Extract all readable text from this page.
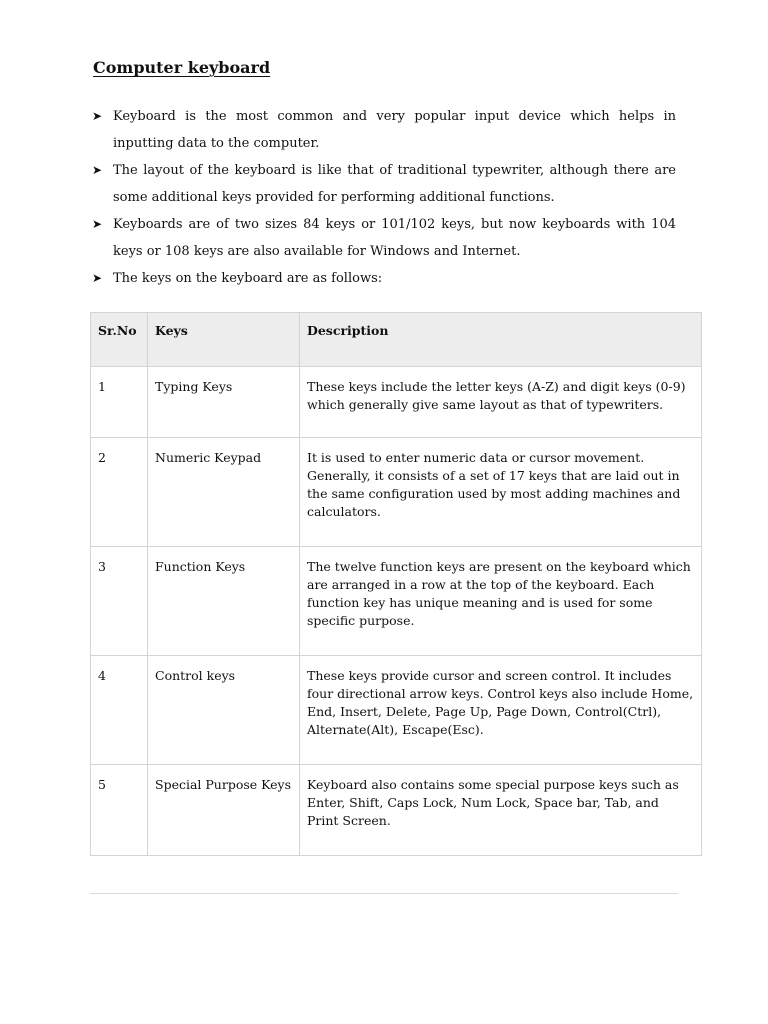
Computer keyboard
➤ Keyboard is the most common and very popular input device which helps in inputting data to the computer.
➤ The layout of the keyboard is like that of traditional typewriter, although there are some additional keys provided for performing additional functions.
➤ Keyboards are of two sizes 84 keys or 101/102 keys, but now keyboards with 104 keys or 108 keys are also available for Windows and Internet.
➤ The keys on the keyboard are as follows:
Sr.No	Keys	Description
1	Typing Keys	These keys include the letter keys (A-Z) and digit keys (0-9) which generally give same layout as that of typewriters.
2	Numeric Keypad	It is used to enter numeric data or cursor movement. Generally, it consists of a set of 17 keys that are laid out in the same configuration used by most adding machines and calculators.
3	Function Keys	The twelve function keys are present on the keyboard which are arranged in a row at the top of the keyboard. Each function key has unique meaning and is used for some specific purpose.
4	Control keys	These keys provide cursor and screen control. It includes four directional arrow keys. Control keys also include Home, End, Insert, Delete, Page Up, Page Down, Control(Ctrl), Alternate(Alt), Escape(Esc).
5	Special Purpose Keys	Keyboard also contains some special purpose keys such as Enter, Shift, Caps Lock, Num Lock, Space bar, Tab, and Print Screen.
